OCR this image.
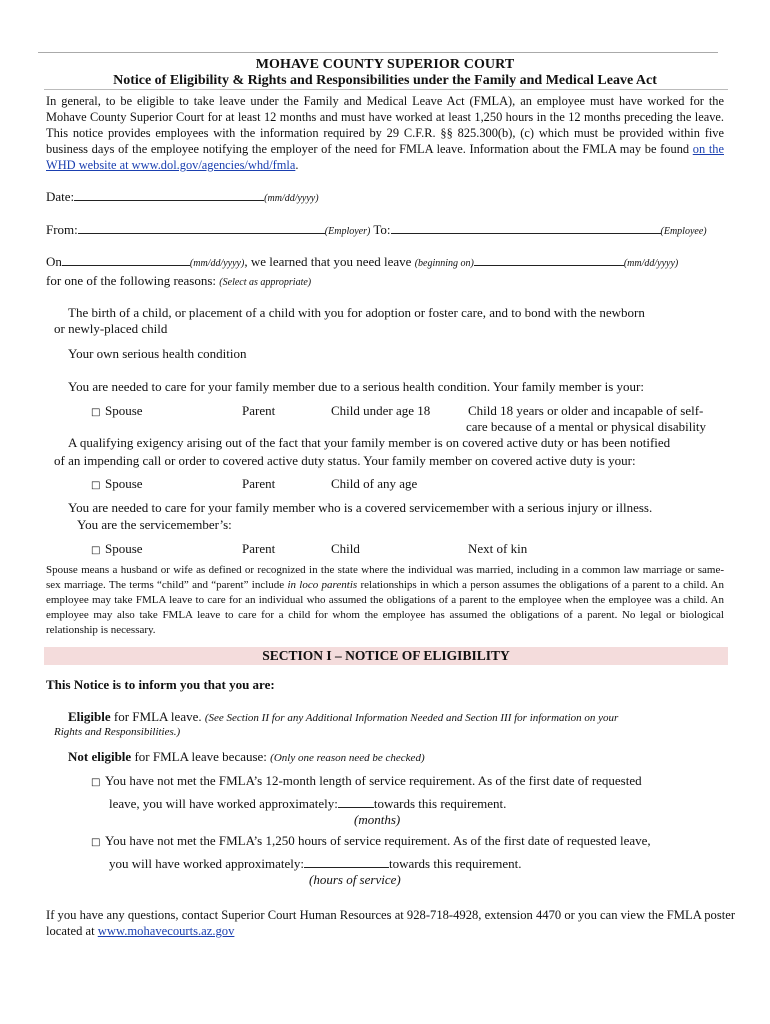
MOHAVE COUNTY SUPERIOR COURT
Notice of Eligibility & Rights and Responsibilities under the Family and Medical Leave Act
In general, to be eligible to take leave under the Family and Medical Leave Act (FMLA), an employee must have worked for the Mohave County Superior Court for at least 12 months and must have worked at least 1,250 hours in the 12 months preceding the leave. This notice provides employees with the information required by 29 C.F.R. §§ 825.300(b), (c) which must be provided within five business days of the employee notifying the employer of the need for FMLA leave. Information about the FMLA may be found on the WHD website at www.dol.gov/agencies/whd/fmla.
Date:	(mm/dd/yyyy)
From:	(Employer) To:	(Employee)
On	(mm/dd/yyyy), we learned that you need leave (beginning on)	(mm/dd/yyyy)
for one of the following reasons: (Select as appropriate)
The birth of a child, or placement of a child with you for adoption or foster care, and to bond with the newborn
or newly-placed child
Your own serious health condition
You are needed to care for your family member due to a serious health condition. Your family member is your:
□ Spouse	Parent	Child under age 18	Child 18 years or older and incapable of self-
care because of a mental or physical disability
A qualifying exigency arising out of the fact that your family member is on covered active duty or has been notified
of an impending call or order to covered active duty status. Your family member on covered active duty is your:
□ Spouse	Parent	Child of any age
You are needed to care for your family member who is a covered servicemember with a serious injury or illness.
You are the servicemember’s:
□ Spouse	Parent	Child	Next of kin
Spouse means a husband or wife as defined or recognized in the state where the individual was married, including in a common law marriage or same-sex marriage. The terms “child” and “parent” include in loco parentis relationships in which a person assumes the obligations of a parent to a child. An employee may take FMLA leave to care for an individual who assumed the obligations of a parent to the employee when the employee was a child. An employee may also take FMLA leave to care for a child for whom the employee has assumed the obligations of a parent. No legal or biological relationship is necessary.
SECTION I – NOTICE OF ELIGIBILITY
This Notice is to inform you that you are:
Eligible for FMLA leave. (See Section II for any Additional Information Needed and Section III for information on your
Rights and Responsibilities.)
Not eligible for FMLA leave because: (Only one reason need be checked)
□ You have not met the FMLA’s 12-month length of service requirement. As of the first date of requested
leave, you will have worked approximately:	towards this requirement.
(months)
□ You have not met the FMLA’s 1,250 hours of service requirement. As of the first date of requested leave,
you will have worked approximately:	towards this requirement.
(hours of service)
If you have any questions, contact Superior Court Human Resources at 928-718-4928, extension 4470 or you can view the FMLA poster located at www.mohavecourts.az.gov
